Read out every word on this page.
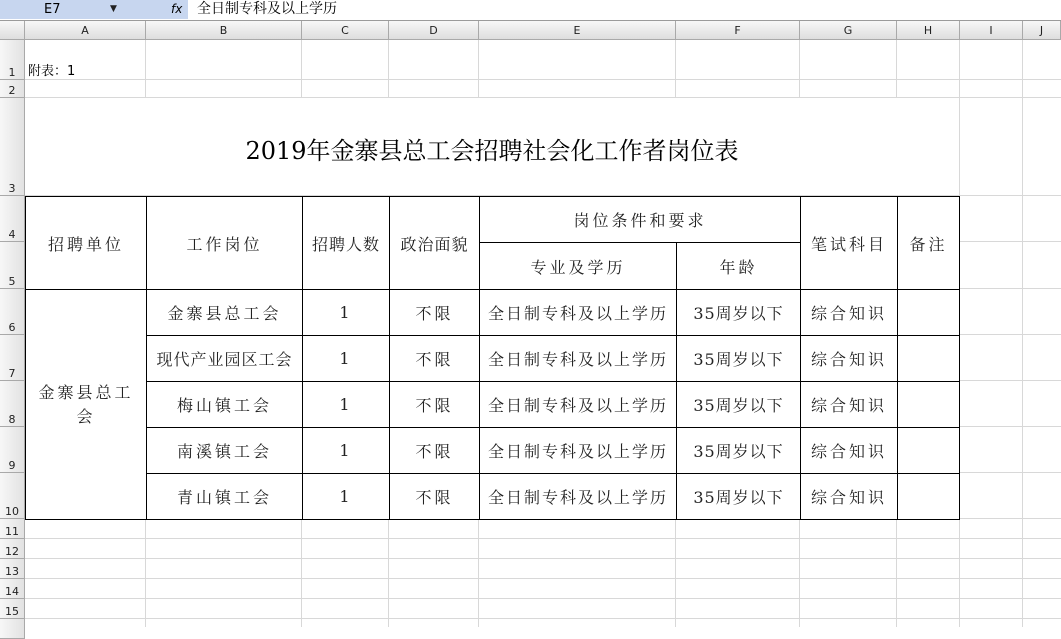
E7	▼	fx 全日制专科及以上学历
A	B	C	D	E	F	G	H	I	J
1
2
3
4
5
6
7
8
9
10
11
12
13
14
15
附表：1
2019年金寨县总工会招聘社会化工作者岗位表
招聘单位	工作岗位	招聘人数	政治面貌
岗位条件和要求
专业及学历	年龄
笔试科目	备注
金寨县总工会
金寨县总工会	1	不限	全日制专科及以上学历	35周岁以下	综合知识
现代产业园区工会	1	不限	全日制专科及以上学历	35周岁以下	综合知识
梅山镇工会	1	不限	全日制专科及以上学历	35周岁以下	综合知识
南溪镇工会	1	不限	全日制专科及以上学历	35周岁以下	综合知识
青山镇工会	1	不限	全日制专科及以上学历	35周岁以下	综合知识
